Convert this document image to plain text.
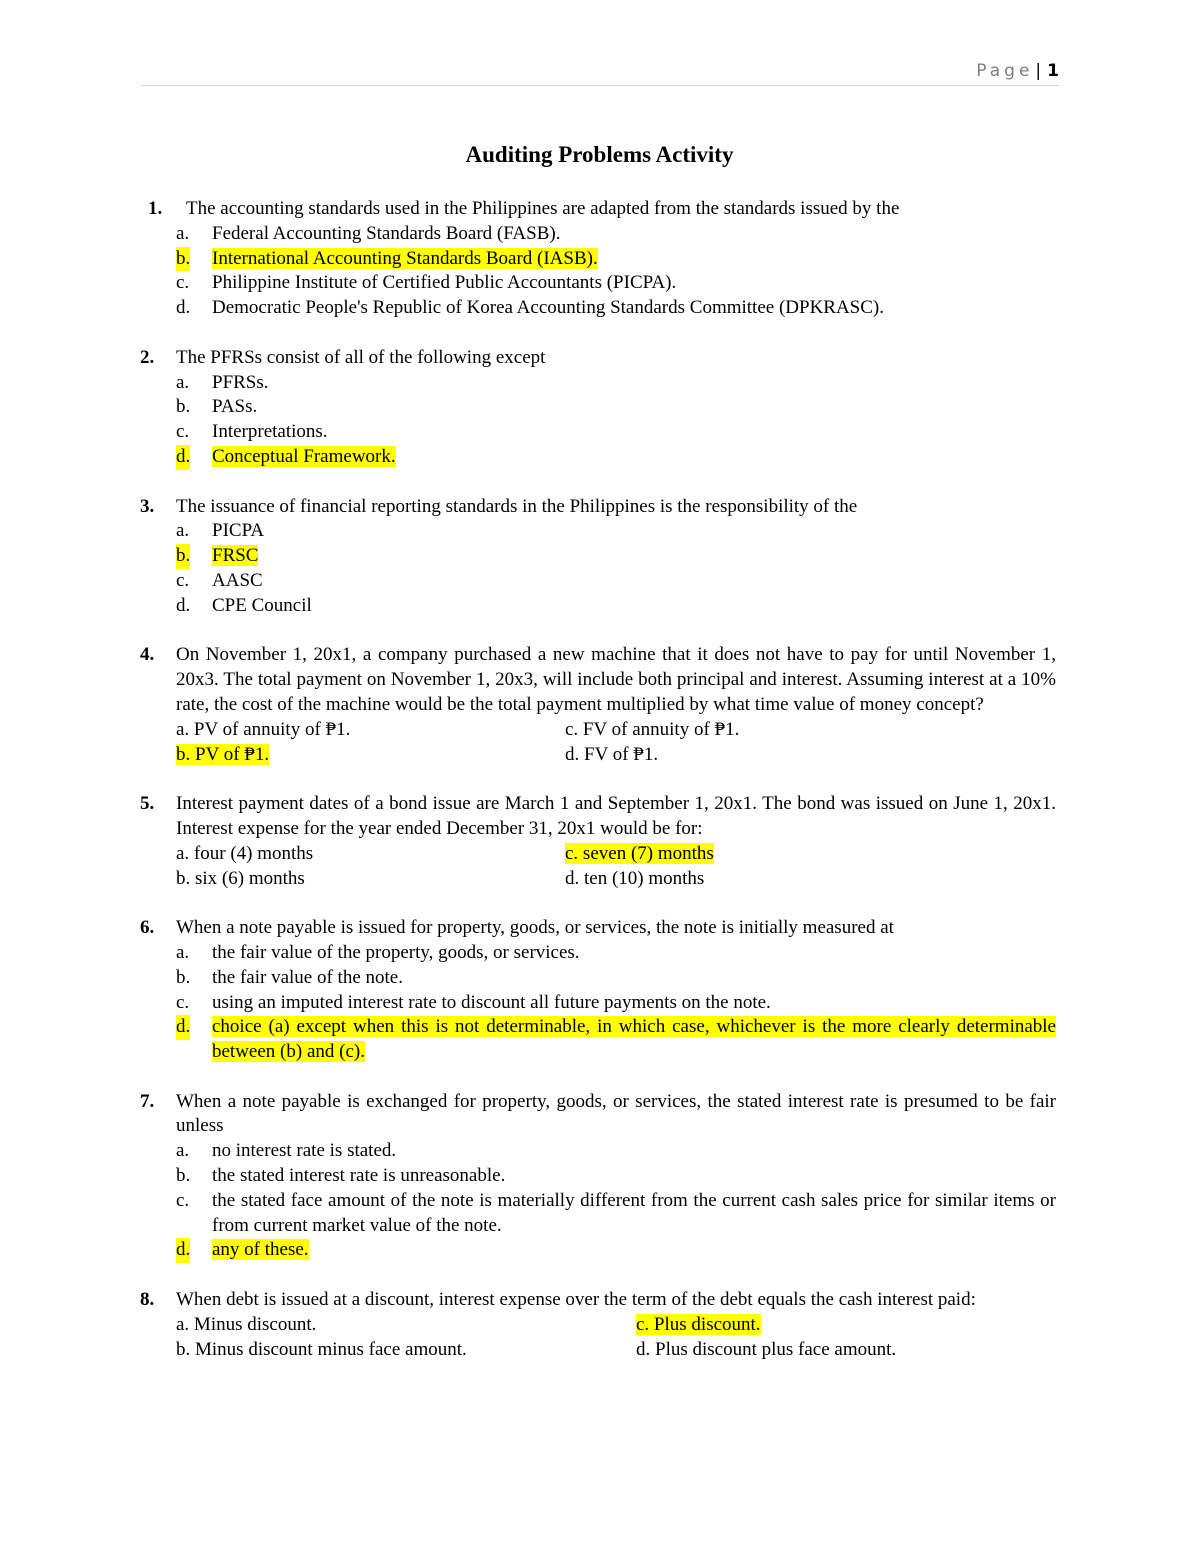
Page | 1
Auditing Problems Activity
1.	The accounting standards used in the Philippines are adapted from the standards issued by the
a. Federal Accounting Standards Board (FASB).
b. International Accounting Standards Board (IASB).
c. Philippine Institute of Certified Public Accountants (PICPA).
d. Democratic People's Republic of Korea Accounting Standards Committee (DPKRASC).
2. The PFRSs consist of all of the following except
a. PFRSs.
b. PASs.
c. Interpretations.
d. Conceptual Framework.
3. The issuance of financial reporting standards in the Philippines is the responsibility of the
a. PICPA
b. FRSC
c. AASC
d. CPE Council
4. On November 1, 20x1, a company purchased a new machine that it does not have to pay for until November 1, 20x3. The total payment on November 1, 20x3, will include both principal and interest. Assuming interest at a 10% rate, the cost of the machine would be the total payment multiplied by what time value of money concept?
a. PV of annuity of ₱1.	c. FV of annuity of ₱1.
b. PV of ₱1.	d. FV of ₱1.
5. Interest payment dates of a bond issue are March 1 and September 1, 20x1. The bond was issued on June 1, 20x1. Interest expense for the year ended December 31, 20x1 would be for:
a. four (4) months	c. seven (7) months
b. six (6) months	d. ten (10) months
6. When a note payable is issued for property, goods, or services, the note is initially measured at
a. the fair value of the property, goods, or services.
b. the fair value of the note.
c. using an imputed interest rate to discount all future payments on the note.
d. choice (a) except when this is not determinable, in which case, whichever is the more clearly determinable between (b) and (c).
7. When a note payable is exchanged for property, goods, or services, the stated interest rate is presumed to be fair unless
a. no interest rate is stated.
b. the stated interest rate is unreasonable.
c. the stated face amount of the note is materially different from the current cash sales price for similar items or from current market value of the note.
d. any of these.
8. When debt is issued at a discount, interest expense over the term of the debt equals the cash interest paid:
a. Minus discount.	c. Plus discount.
b. Minus discount minus face amount.	d. Plus discount plus face amount.
